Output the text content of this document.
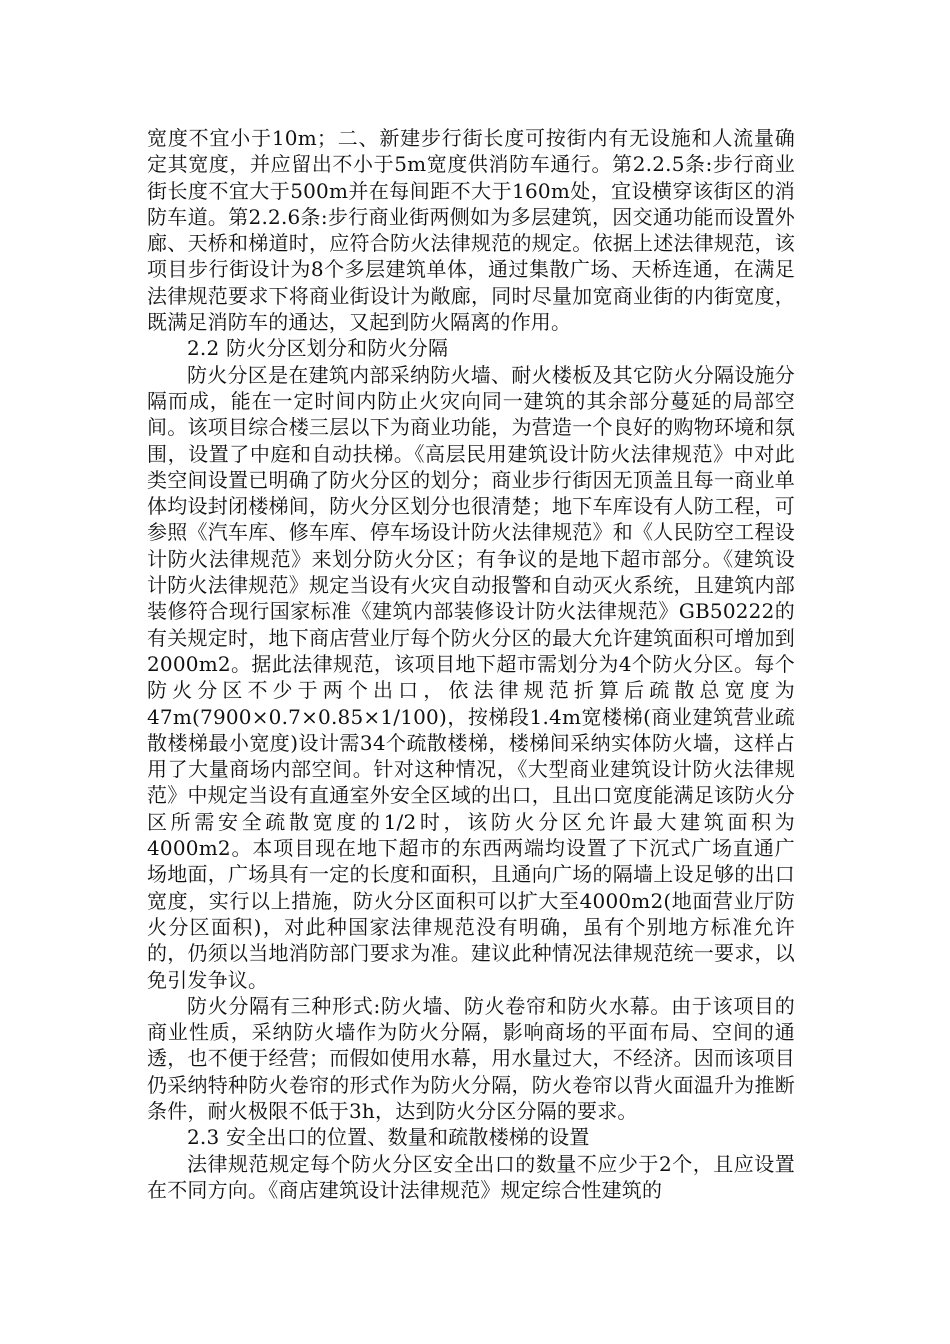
宽度不宜小于10m；二、新建步行街长度可按街内有无设施和人流量确定其宽度，并应留出不小于5m宽度供消防车通行。第2.2.5条:步行商业街长度不宜大于500m并在每间距不大于160m处，宜设横穿该街区的消防车道。第2.2.6条:步行商业街两侧如为多层建筑，因交通功能而设置外廊、天桥和梯道时，应符合防火法律规范的规定。依据上述法律规范，该项目步行街设计为8个多层建筑单体，通过集散广场、天桥连通，在满足法律规范要求下将商业街设计为敞廊，同时尽量加宽商业街的内街宽度，既满足消防车的通达，又起到防火隔离的作用。

2.2 防火分区划分和防火分隔

防火分区是在建筑内部采纳防火墙、耐火楼板及其它防火分隔设施分隔而成，能在一定时间内防止火灾向同一建筑的其余部分蔓延的局部空间。该项目综合楼三层以下为商业功能，为营造一个良好的购物环境和氛围，设置了中庭和自动扶梯。《高层民用建筑设计防火法律规范》中对此类空间设置已明确了防火分区的划分；商业步行街因无顶盖且每一商业单体均设封闭楼梯间，防火分区划分也很清楚；地下车库设有人防工程，可参照《汽车库、修车库、停车场设计防火法律规范》和《人民防空工程设计防火法律规范》来划分防火分区；有争议的是地下超市部分。《建筑设计防火法律规范》规定当设有火灾自动报警和自动灭火系统，且建筑内部装修符合现行国家标准《建筑内部装修设计防火法律规范》GB50222的有关规定时，地下商店营业厅每个防火分区的最大允许建筑面积可增加到2000m2。据此法律规范，该项目地下超市需划分为4个防火分区。每个防火分区不少于两个出口，依法律规范折算后疏散总宽度为47m(7900×0.7×0.85×1/100)，按梯段1.4m宽楼梯(商业建筑营业疏散楼梯最小宽度)设计需34个疏散楼梯，楼梯间采纳实体防火墙，这样占用了大量商场内部空间。针对这种情况，《大型商业建筑设计防火法律规范》中规定当设有直通室外安全区域的出口，且出口宽度能满足该防火分区所需安全疏散宽度的1/2时，该防火分区允许最大建筑面积为4000m2。本项目现在地下超市的东西两端均设置了下沉式广场直通广场地面，广场具有一定的长度和面积，且通向广场的隔墙上设足够的出口宽度，实行以上措施，防火分区面积可以扩大至4000m2(地面营业厅防火分区面积)，对此种国家法律规范没有明确，虽有个别地方标准允许的，仍须以当地消防部门要求为准。建议此种情况法律规范统一要求，以免引发争议。

防火分隔有三种形式:防火墙、防火卷帘和防火水幕。由于该项目的商业性质，采纳防火墙作为防火分隔，影响商场的平面布局、空间的通透，也不便于经营；而假如使用水幕，用水量过大，不经济。因而该项目仍采纳特种防火卷帘的形式作为防火分隔，防火卷帘以背火面温升为推断条件，耐火极限不低于3h，达到防火分区分隔的要求。

2.3 安全出口的位置、数量和疏散楼梯的设置

法律规范规定每个防火分区安全出口的数量不应少于2个，且应设置在不同方向。《商店建筑设计法律规范》规定综合性建筑的
